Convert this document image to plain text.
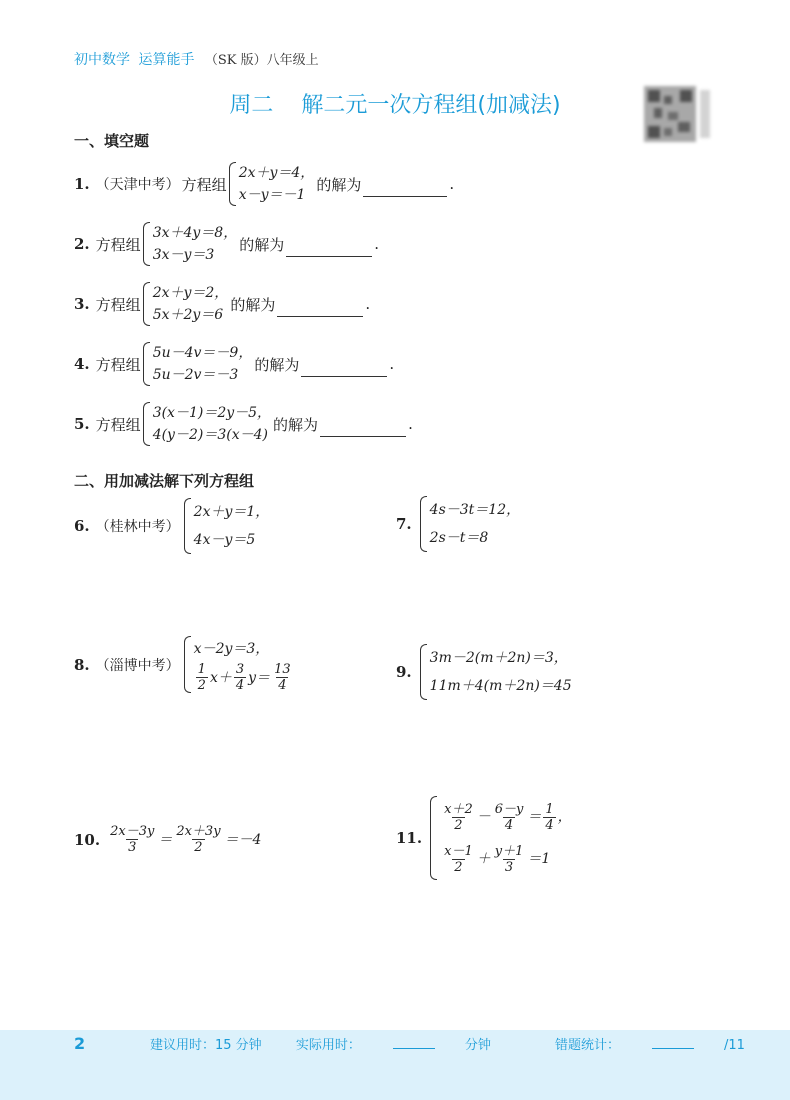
初中数学 运算能手 （SK 版）八年级上
周二 解二元一次方程组(加减法)
一、填空题
1. （天津中考） 方程组
2x＋y＝4，
x－y＝－1
的解为	.
2. 方程组
3x＋4y＝8，
3x－y＝3
的解为	.
3. 方程组
2x＋y＝2，
5x＋2y＝6
的解为	.
4. 方程组
5u－4v＝－9，
5u－2v＝－3
的解为	.
5. 方程组
3(x－1)＝2y－5，
4(y－2)＝3(x－4)
的解为	.
二、用加减法解下列方程组
6. （桂林中考）
2x＋y＝1，
4x－y＝5
7.
4s－3t＝12，
2s－t＝8
8. （淄博中考）
x－2y＝3，
$\frac{1}{2} x+ \frac{3}{4} y= \frac{13}{4}$	9.
3m－2(m＋2n)＝3，
11m＋4(m＋2n)＝45
10. $\frac{2x-3y}{3} = \frac{2x+3y}{2} =-4$	11.
$\frac{x+2}{2} - \frac{6-y}{4} = \frac{1}{4}$ ，
$\frac{x-1}{2} + \frac{y+1}{3} =1$
2	建议用时：15 分钟	实际用时：	分钟	错题统计：	/11
